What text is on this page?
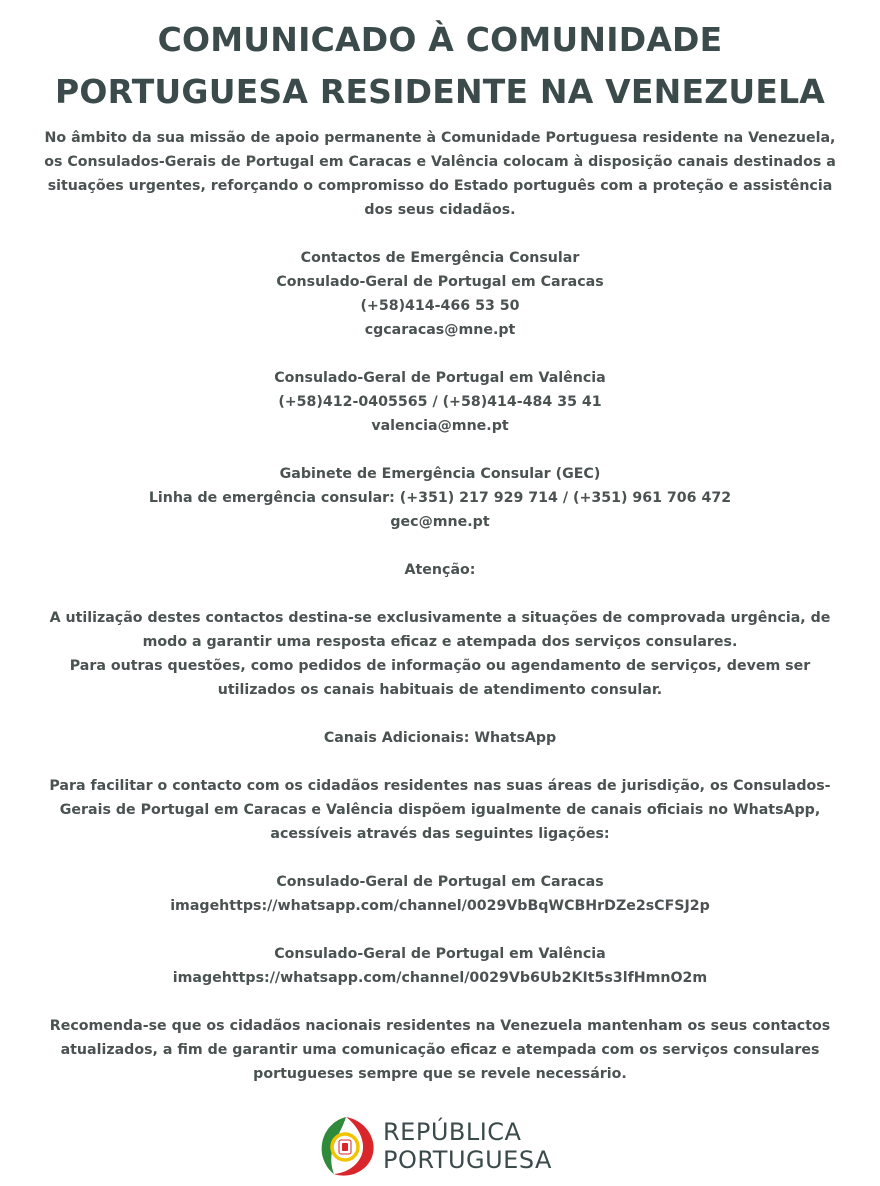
COMUNICADO À COMUNIDADE
PORTUGUESA RESIDENTE NA VENEZUELA

No âmbito da sua missão de apoio permanente à Comunidade Portuguesa residente na Venezuela,
os Consulados-Gerais de Portugal em Caracas e Valência colocam à disposição canais destinados a
situações urgentes, reforçando o compromisso do Estado português com a proteção e assistência
dos seus cidadãos.

Contactos de Emergência Consular
Consulado-Geral de Portugal em Caracas
(+58)414-466 53 50
cgcaracas@mne.pt

Consulado-Geral de Portugal em Valência
(+58)412-0405565 / (+58)414-484 35 41
valencia@mne.pt

Gabinete de Emergência Consular (GEC)
Linha de emergência consular: (+351) 217 929 714 / (+351) 961 706 472
gec@mne.pt

Atenção:

A utilização destes contactos destina-se exclusivamente a situações de comprovada urgência, de
modo a garantir uma resposta eficaz e atempada dos serviços consulares.
Para outras questões, como pedidos de informação ou agendamento de serviços, devem ser
utilizados os canais habituais de atendimento consular.

Canais Adicionais: WhatsApp

Para facilitar o contacto com os cidadãos residentes nas suas áreas de jurisdição, os Consulados-
Gerais de Portugal em Caracas e Valência dispõem igualmente de canais oficiais no WhatsApp,
acessíveis através das seguintes ligações:

Consulado-Geral de Portugal em Caracas
imagehttps://whatsapp.com/channel/0029VbBqWCBHrDZe2sCFSJ2p

Consulado-Geral de Portugal em Valência
imagehttps://whatsapp.com/channel/0029Vb6Ub2KIt5s3lfHmnO2m

Recomenda-se que os cidadãos nacionais residentes na Venezuela mantenham os seus contactos
atualizados, a fim de garantir uma comunicação eficaz e atempada com os serviços consulares
portugueses sempre que se revele necessário.

REPÚBLICA
PORTUGUESA
